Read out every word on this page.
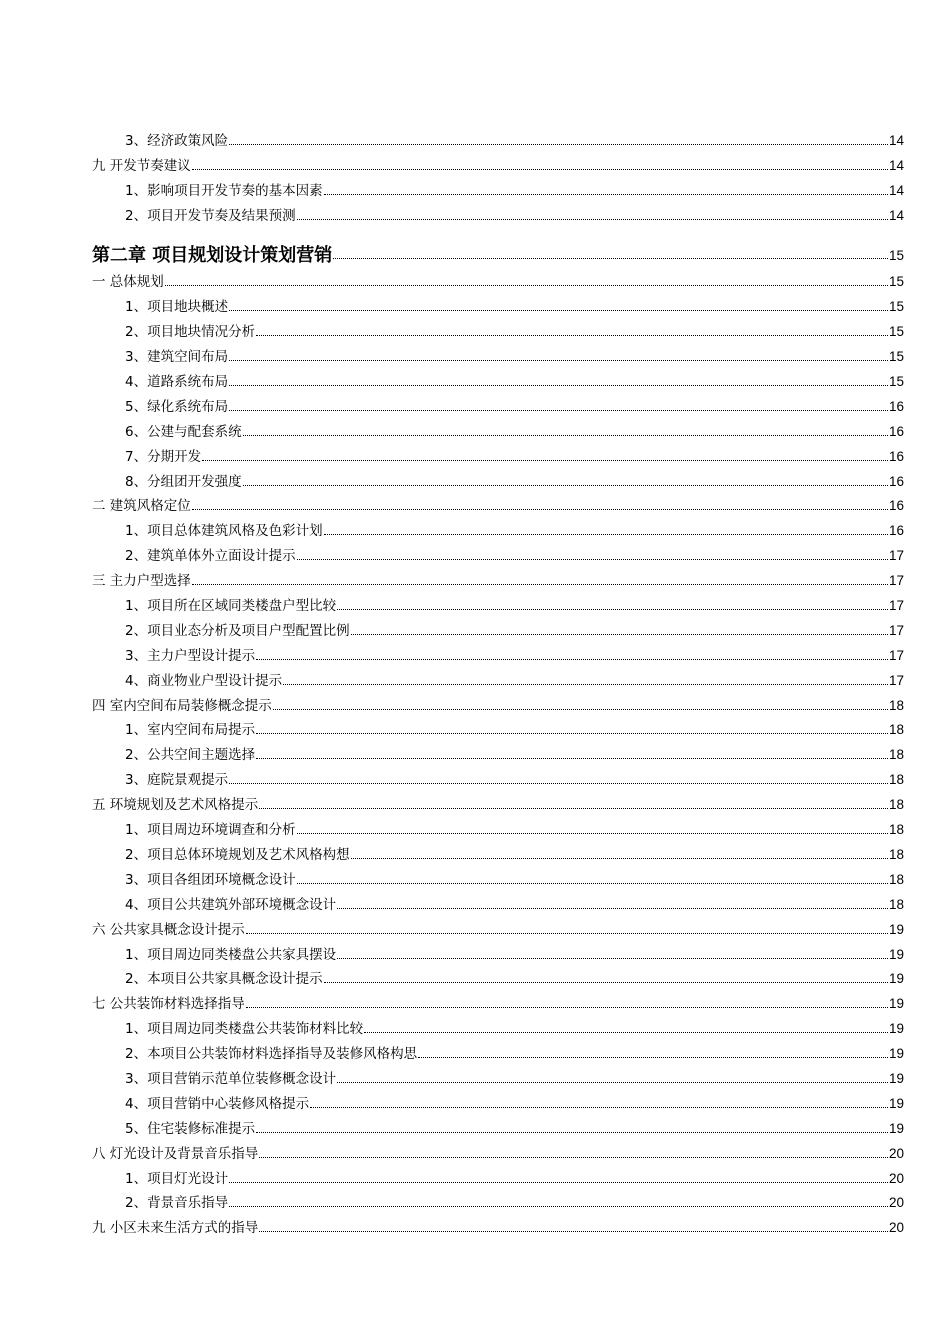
3、经济政策风险	14
九 开发节奏建议	14
1、影响项目开发节奏的基本因素	14
2、项目开发节奏及结果预测	14
第二章 项目规划设计策划营销	15
一 总体规划	15
1、项目地块概述	15
2、项目地块情况分析	15
3、建筑空间布局	15
4、道路系统布局	15
5、绿化系统布局	16
6、公建与配套系统	16
7、分期开发	16
8、分组团开发强度	16
二 建筑风格定位	16
1、项目总体建筑风格及色彩计划	16
2、建筑单体外立面设计提示	17
三 主力户型选择	17
1、项目所在区域同类楼盘户型比较	17
2、项目业态分析及项目户型配置比例	17
3、主力户型设计提示	17
4、商业物业户型设计提示	17
四 室内空间布局装修概念提示	18
1、室内空间布局提示	18
2、公共空间主题选择	18
3、庭院景观提示	18
五 环境规划及艺术风格提示	18
1、项目周边环境调查和分析	18
2、项目总体环境规划及艺术风格构想	18
3、项目各组团环境概念设计	18
4、项目公共建筑外部环境概念设计	18
六 公共家具概念设计提示	19
1、项目周边同类楼盘公共家具摆设	19
2、本项目公共家具概念设计提示	19
七 公共装饰材料选择指导	19
1、项目周边同类楼盘公共装饰材料比较	19
2、本项目公共装饰材料选择指导及装修风格构思	19
3、项目营销示范单位装修概念设计	19
4、项目营销中心装修风格提示	19
5、住宅装修标准提示	19
八 灯光设计及背景音乐指导	20
1、项目灯光设计	20
2、背景音乐指导	20
九 小区未来生活方式的指导	20
